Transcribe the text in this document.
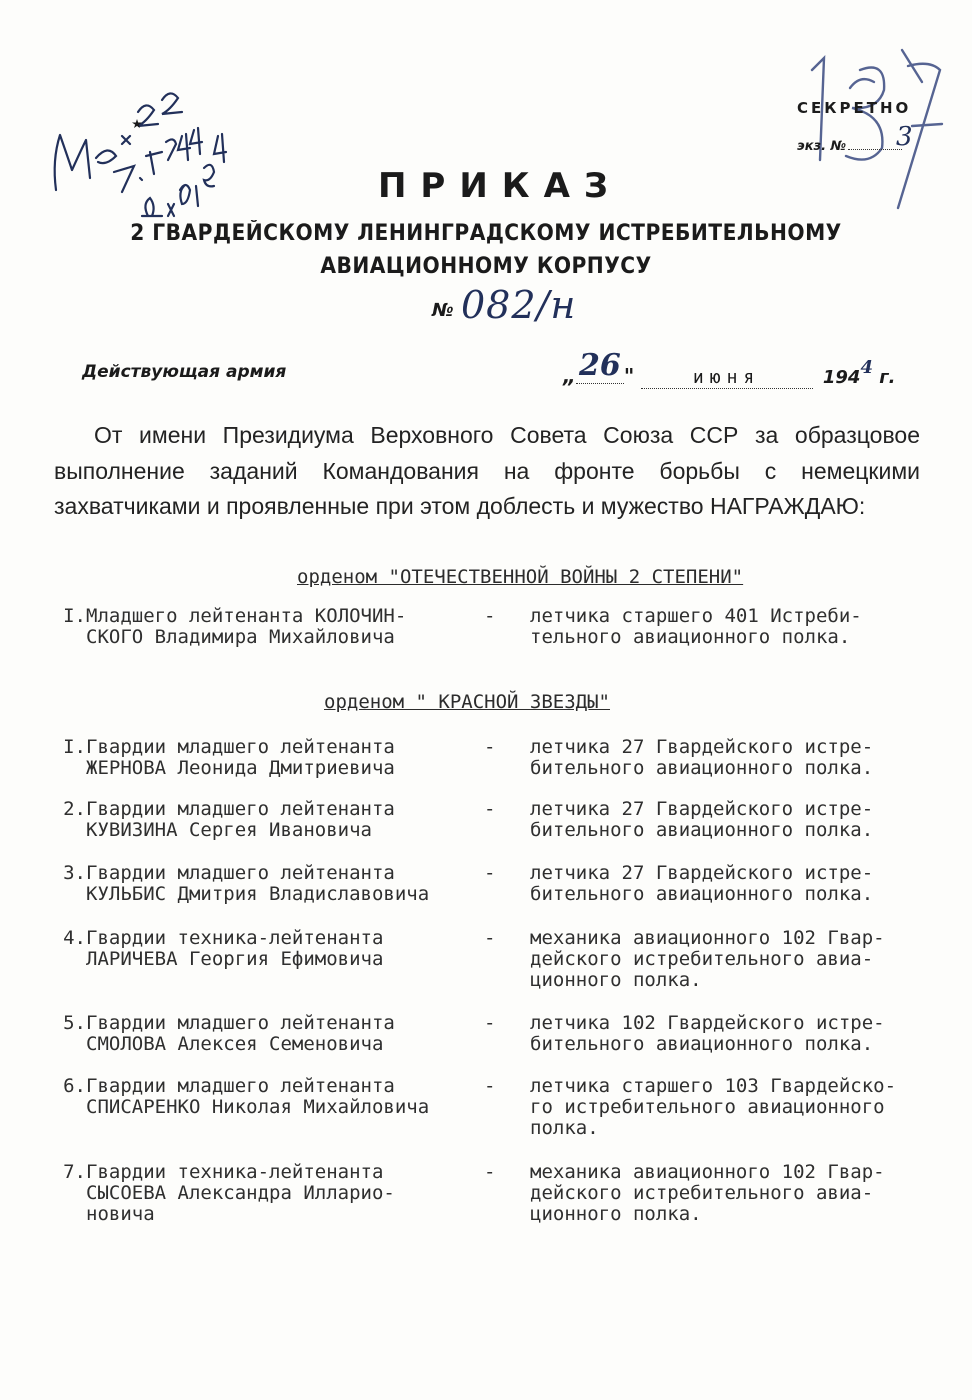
СЕКРЕТНО
экз. №	3
ПРИКАЗ
2 ГВАРДЕЙСКОМУ ЛЕНИНГРАДСКОМУ ИСТРЕБИТЕЛЬНОМУ
АВИАЦИОННОМУ КОРПУСУ
№ 082/н
Действующая армия	„ 26 "	июня	1944 г.
От имени Президиума Верховного Совета Союза ССР за образцовое выполнение заданий Командования на фронте борьбы с немецкими захватчиками и проявленные при этом доблесть и мужество НАГРАЖДАЮ:
орденом "ОТЕЧЕСТВЕННОЙ ВОЙНЫ 2 СТЕПЕНИ"
I. Младшего лейтенанта КОЛОЧИН-
СКОГО Владимира Михайловича
- летчика старшего 401 Истреби-
тельного авиационного полка.
орденом " КРАСНОЙ ЗВЕЗДЫ"
I. Гвардии младшего лейтенанта
ЖЕРНОВА Леонида Дмитриевича
- летчика 27 Гвардейского истре-
бительного авиационного полка.
2. Гвардии младшего лейтенанта
КУВИЗИНА Сергея Ивановича
- летчика 27 Гвардейского истре-
бительного авиационного полка.
3. Гвардии младшего лейтенанта
КУЛЬБИС Дмитрия Владиславовича
- летчика 27 Гвардейского истре-
бительного авиационного полка.
4. Гвардии техника-лейтенанта
ЛАРИЧЕВА Георгия Ефимовича
- механика авиационного 102 Гвар-
дейского истребительного авиа-
ционного полка.
5. Гвардии младшего лейтенанта
СМОЛОВА Алексея Семеновича
- летчика 102 Гвардейского истре-
бительного авиационного полка.
6. Гвардии младшего лейтенанта
СПИСАРЕНКО Николая Михайловича
- летчика старшего 103 Гвардейско-
го истребительного авиационного
полка.
7. Гвардии техника-лейтенанта
СЫСОЕВА Александра Илларио-
новича
- механика авиационного 102 Гвар-
дейского истребительного авиа-
ционного полка.
